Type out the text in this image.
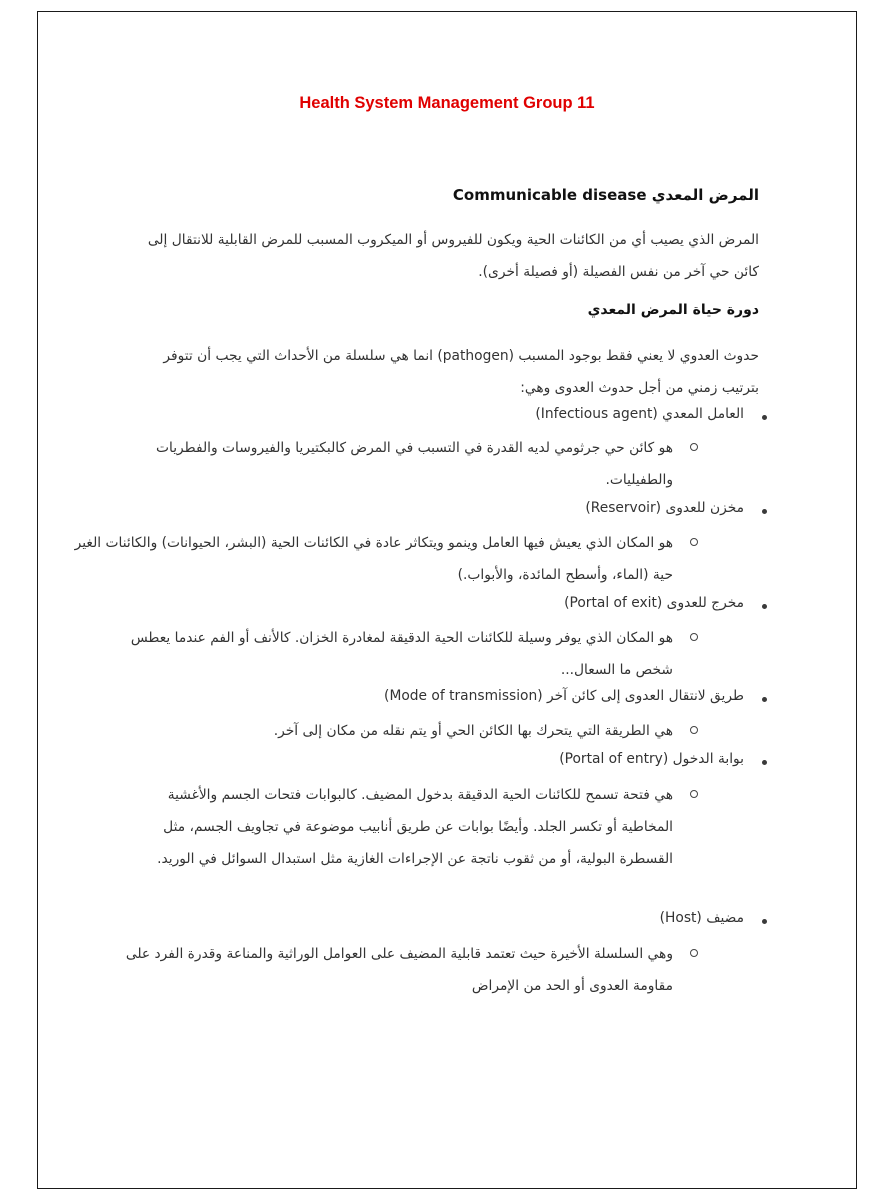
Health System Management Group 11
المرض المعدي Communicable disease
المرض الذي يصيب أي من الكائنات الحية ويكون للفيروس أو الميكروب المسبب للمرض القابلية للانتقال إلى كائن حي آخر من نفس الفصيلة (أو فصيلة أخرى).
دورة حياة المرض المعدي
حدوث العدوي لا يعني فقط بوجود المسبب (pathogen) انما هي سلسلة من الأحداث التي يجب أن تتوفر بترتيب زمني من أجل حدوث العدوى وهي:
العامل المعدي (Infectious agent)
هو كائن حي جرثومي لديه القدرة في التسبب في المرض كالبكتيريا والفيروسات والفطريات والطفيليات.
مخزن للعدوى (Reservoir)
هو المكان الذي يعيش فيها العامل وينمو ويتكاثر عادة في الكائنات الحية (البشر، الحيوانات) والكائنات الغير حية (الماء، وأسطح المائدة، والأبواب.)
مخرج للعدوى (Portal of exit)
هو المكان الذي يوفر وسيلة للكائنات الحية الدقيقة لمغادرة الخزان. كالأنف أو الفم عندما يعطس شخص ما السعال...
طريق لانتقال العدوى إلى كائن آخر (Mode of transmission)
هي الطريقة التي يتحرك بها الكائن الحي أو يتم نقله من مكان إلى آخر.
بوابة الدخول (Portal of entry)
هي فتحة تسمح للكائنات الحية الدقيقة بدخول المضيف. كالبوابات فتحات الجسم والأغشية المخاطية أو تكسر الجلد. وأيضًا بوابات عن طريق أنابيب موضوعة في تجاويف الجسم، مثل القسطرة البولية، أو من ثقوب ناتجة عن الإجراءات الغازية مثل استبدال السوائل في الوريد.
مضيف (Host)
وهي السلسلة الأخيرة حيث تعتمد قابلية المضيف على العوامل الوراثية والمناعة وقدرة الفرد على مقاومة العدوى أو الحد من الإمراض
